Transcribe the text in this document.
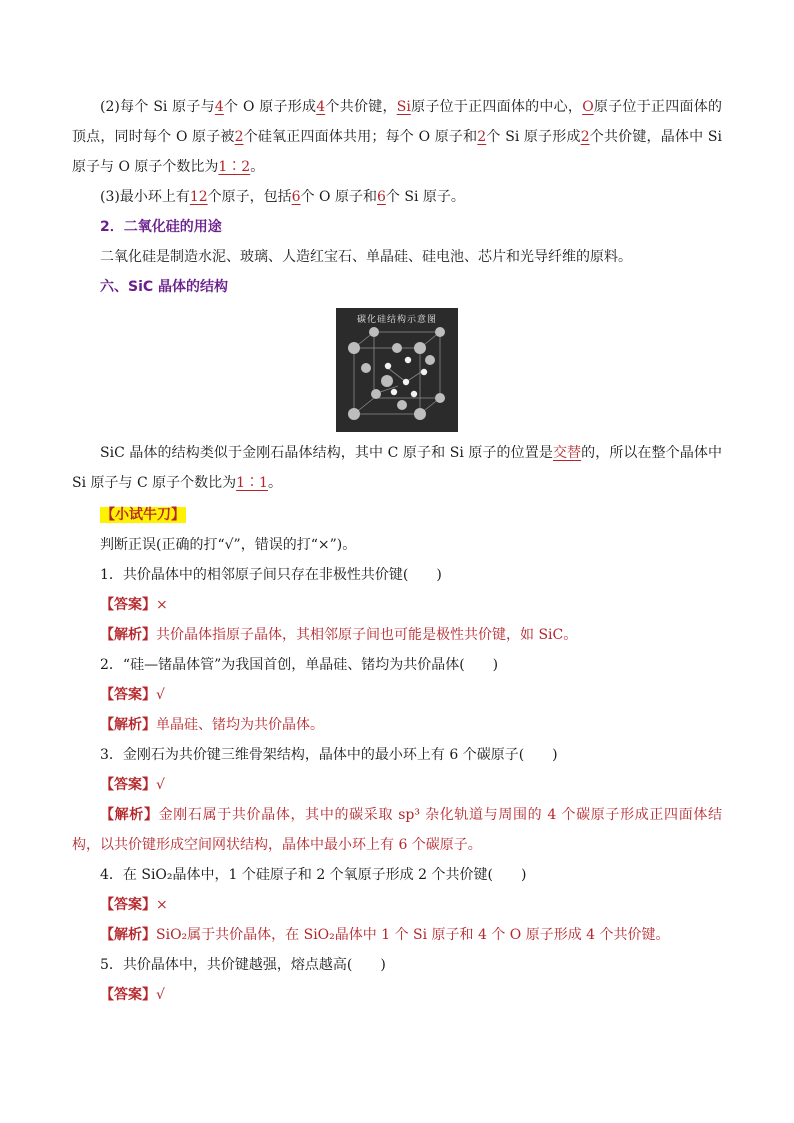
(2)每个 Si 原子与4个 O 原子形成4个共价键，Si原子位于正四面体的中心，O原子位于正四面体的顶点，同时每个 O 原子被2个硅氧正四面体共用；每个 O 原子和2个 Si 原子形成2个共价键，晶体中 Si 原子与 O 原子个数比为1∶2。

(3)最小环上有12个原子，包括6个 O 原子和6个 Si 原子。

2．二氧化硅的用途

二氧化硅是制造水泥、玻璃、人造红宝石、单晶硅、硅电池、芯片和光导纤维的原料。

六、SiC 晶体的结构

碳化硅结构示意图

SiC 晶体的结构类似于金刚石晶体结构，其中 C 原子和 Si 原子的位置是交替的，所以在整个晶体中 Si 原子与 C 原子个数比为1∶1。

【小试牛刀】

判断正误(正确的打“√”，错误的打“×”)。

1．共价晶体中的相邻原子间只存在非极性共价键(　　)

【答案】×

【解析】共价晶体指原子晶体，其相邻原子间也可能是极性共价键，如 SiC。

2．“硅—锗晶体管”为我国首创，单晶硅、锗均为共价晶体(　　)

【答案】√

【解析】单晶硅、锗均为共价晶体。

3．金刚石为共价键三维骨架结构，晶体中的最小环上有 6 个碳原子(　　)

【答案】√

【解析】金刚石属于共价晶体，其中的碳采取 sp³ 杂化轨道与周围的 4 个碳原子形成正四面体结构，以共价键形成空间网状结构，晶体中最小环上有 6 个碳原子。

4．在 SiO₂晶体中，1 个硅原子和 2 个氧原子形成 2 个共价键(　　)

【答案】×

【解析】SiO₂属于共价晶体，在 SiO₂晶体中 1 个 Si 原子和 4 个 O 原子形成 4 个共价键。

5．共价晶体中，共价键越强，熔点越高(　　)

【答案】√
